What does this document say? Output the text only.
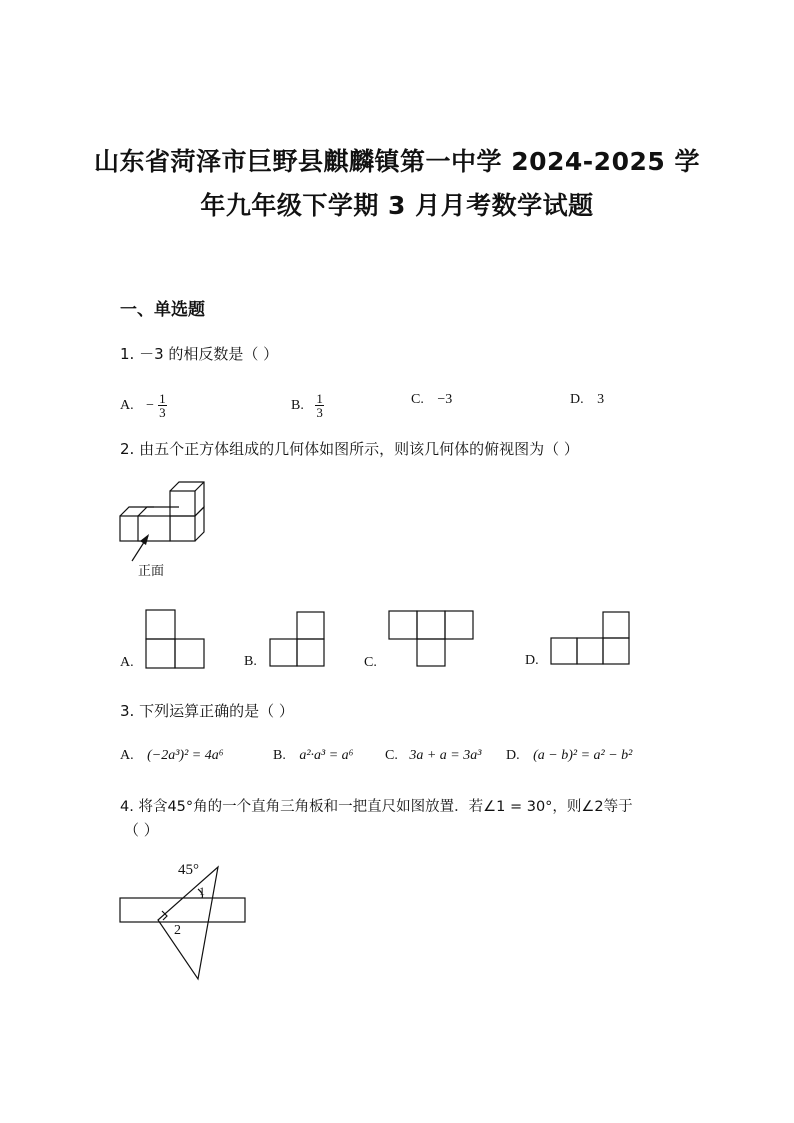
山东省菏泽市巨野县麒麟镇第一中学 2024-2025 学
年九年级下学期 3 月月考数学试题
一、单选题
1. －3 的相反数是（ ）
A. − $\frac{1}{3}$	B. $\frac{1}{3}$	C. −3	D. 3
2. 由五个正方体组成的几何体如图所示，则该几何体的俯视图为（ ）
正面
A.	B.	C.	D.
3. 下列运算正确的是（ ）
A. (−2a³)² = 4a⁶	B. a²·a³ = a⁶ C. 3a + a = 3a³ D. (a − b)² = a² − b²
4. 将含45°角的一个直角三角板和一把直尺如图放置．若∠1 = 30°，则∠2等于
（ ）
45°
1
2
